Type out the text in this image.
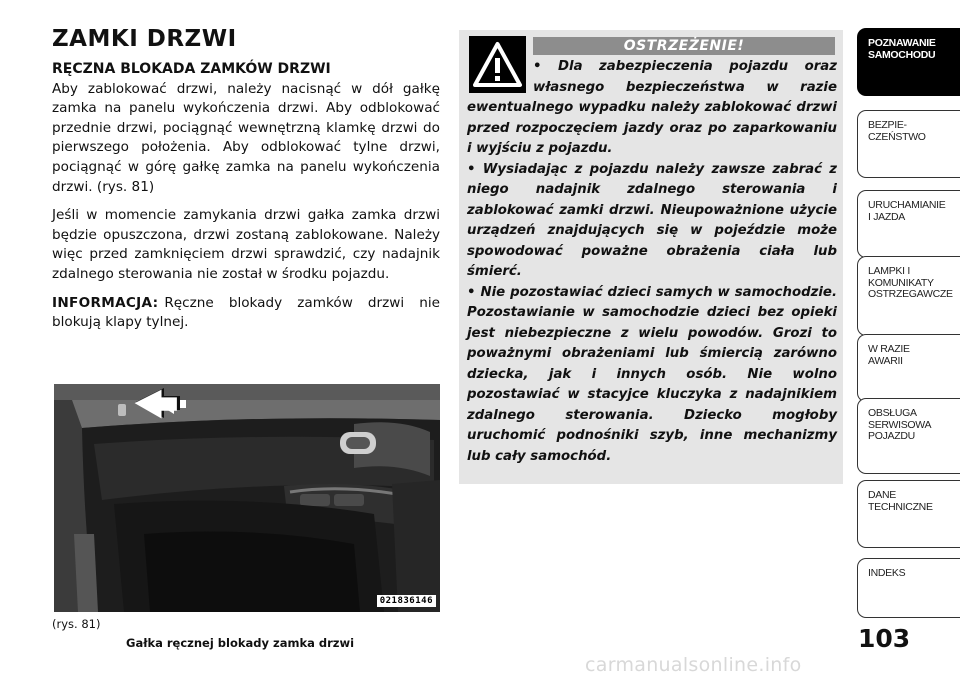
ZAMKI DRZWI
RĘCZNA BLOKADA ZAMKÓW DRZWI

Aby zablokować drzwi, należy nacisnąć w dół gałkę zamka na panelu wykończenia drzwi. Aby odblokować przednie drzwi, pociągnąć wewnętrzną klamkę drzwi do pierwszego położenia. Aby odblokować tylne drzwi, pociągnąć w górę gałkę zamka na panelu wykończenia drzwi. (rys. 81)

Jeśli w momencie zamykania drzwi gałka zamka drzwi będzie opuszczona, drzwi zostaną zablokowane. Należy więc przed zamknięciem drzwi sprawdzić, czy nadajnik zdalnego sterowania nie został w środku pojazdu.

INFORMACJA: Ręczne blokady zamków drzwi nie blokują klapy tylnej.

021836146
(rys. 81)
Gałka ręcznej blokady zamka drzwi
OSTRZEŻENIE!

• Dla zabezpieczenia pojazdu oraz własnego bezpieczeństwa w razie ewentualnego wypadku należy zablokować drzwi przed rozpoczęciem jazdy oraz po zaparkowaniu i wyjściu z pojazdu.

• Wysiadając z pojazdu należy zawsze zabrać z niego nadajnik zdalnego sterowania i zablokować zamki drzwi. Nieupoważnione użycie urządzeń znajdujących się w pojeździe może spowodować poważne obrażenia ciała lub śmierć.

• Nie pozostawiać dzieci samych w samochodzie. Pozostawianie w samochodzie dzieci bez opieki jest niebezpieczne z wielu powodów. Grozi to poważnymi obrażeniami lub śmiercią zarówno dziecka, jak i innych osób. Nie wolno pozostawiać w stacyjce kluczyka z nadajnikiem zdalnego sterowania. Dziecko mogłoby uruchomić podnośniki szyb, inne mechanizmy lub cały samochód.

POZNAWANIE
SAMOCHODU
BEZPIE-
CZEŃSTWO
URUCHAMIANIE
I JAZDA
LAMPKI I
KOMUNIKATY
OSTRZEGAWCZE
W RAZIE
AWARII
OBSŁUGA
SERWISOWA
POJAZDU
DANE
TECHNICZNE
INDEKS
103
carmanualsonline.info
